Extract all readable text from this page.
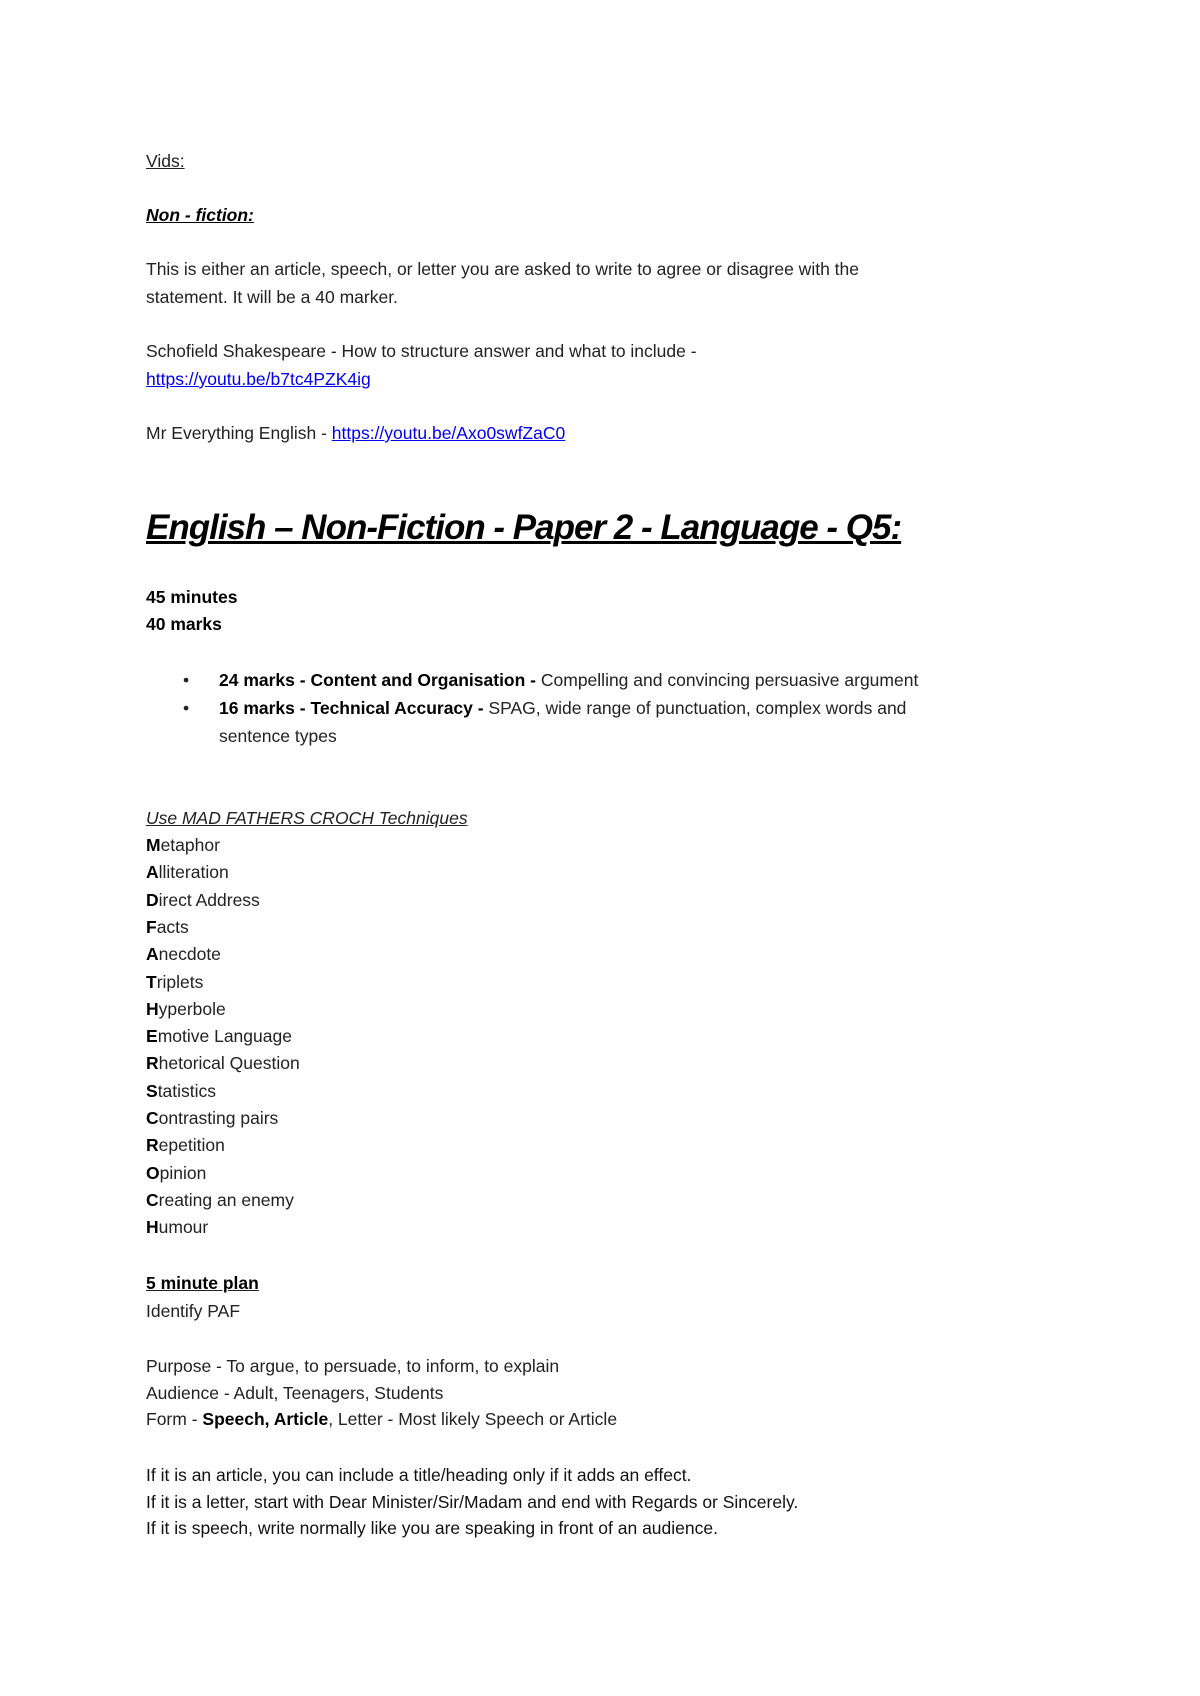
Vids:
Non - fiction:
This is either an article, speech, or letter you are asked to write to agree or disagree with the
statement. It will be a 40 marker.
Schofield Shakespeare - How to structure answer and what to include -
https://youtu.be/b7tc4PZK4ig
Mr Everything English - https://youtu.be/Axo0swfZaC0
English – Non-Fiction - Paper 2 - Language - Q5:
45 minutes
40 marks
• 24 marks - Content and Organisation - Compelling and convincing persuasive argument
• 16 marks - Technical Accuracy - SPAG, wide range of punctuation, complex words and
sentence types
Use MAD FATHERS CROCH Techniques
Metaphor
Alliteration
Direct Address
Facts
Anecdote
Triplets
Hyperbole
Emotive Language
Rhetorical Question
Statistics
Contrasting pairs
Repetition
Opinion
Creating an enemy
Humour
5 minute plan
Identify PAF
Purpose - To argue, to persuade, to inform, to explain
Audience - Adult, Teenagers, Students
Form - Speech, Article, Letter - Most likely Speech or Article
If it is an article, you can include a title/heading only if it adds an effect.
If it is a letter, start with Dear Minister/Sir/Madam and end with Regards or Sincerely.
If it is speech, write normally like you are speaking in front of an audience.
